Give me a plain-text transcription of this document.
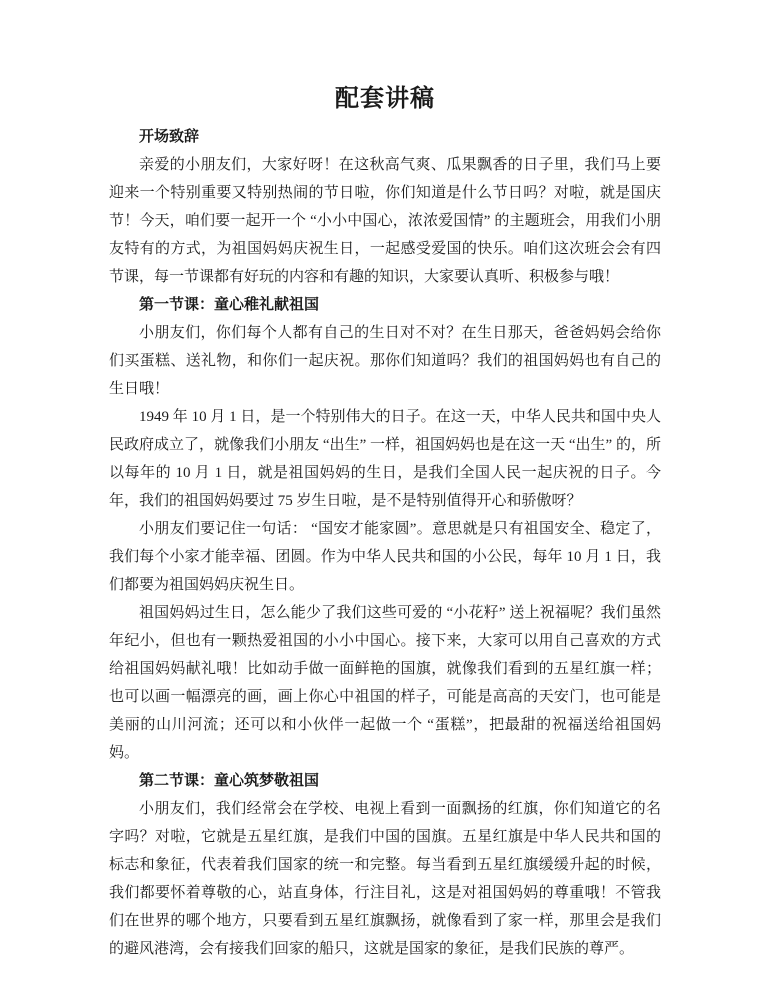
配套讲稿
开场致辞

亲爱的小朋友们，大家好呀！在这秋高气爽、瓜果飘香的日子里，我们马上要迎来一个特别重要又特别热闹的节日啦，你们知道是什么节日吗？对啦，就是国庆节！今天，咱们要一起开一个 “小小中国心，浓浓爱国情” 的主题班会，用我们小朋友特有的方式，为祖国妈妈庆祝生日，一起感受爱国的快乐。咱们这次班会会有四节课，每一节课都有好玩的内容和有趣的知识，大家要认真听、积极参与哦！

第一节课：童心稚礼献祖国

小朋友们，你们每个人都有自己的生日对不对？在生日那天，爸爸妈妈会给你们买蛋糕、送礼物，和你们一起庆祝。那你们知道吗？我们的祖国妈妈也有自己的生日哦！

1949 年 10 月 1 日，是一个特别伟大的日子。在这一天，中华人民共和国中央人民政府成立了，就像我们小朋友 “出生” 一样，祖国妈妈也是在这一天 “出生” 的，所以每年的 10 月 1 日，就是祖国妈妈的生日，是我们全国人民一起庆祝的日子。今年，我们的祖国妈妈要过 75 岁生日啦，是不是特别值得开心和骄傲呀？

小朋友们要记住一句话： “国安才能家圆”。意思就是只有祖国安全、稳定了，我们每个小家才能幸福、团圆。作为中华人民共和国的小公民，每年 10 月 1 日，我们都要为祖国妈妈庆祝生日。

祖国妈妈过生日，怎么能少了我们这些可爱的 “小花籽” 送上祝福呢？我们虽然年纪小，但也有一颗热爱祖国的小小中国心。接下来，大家可以用自己喜欢的方式给祖国妈妈献礼哦！比如动手做一面鲜艳的国旗，就像我们看到的五星红旗一样；也可以画一幅漂亮的画，画上你心中祖国的样子，可能是高高的天安门，也可能是美丽的山川河流；还可以和小伙伴一起做一个 “蛋糕”，把最甜的祝福送给祖国妈妈。

第二节课：童心筑梦敬祖国

小朋友们，我们经常会在学校、电视上看到一面飘扬的红旗，你们知道它的名字吗？对啦，它就是五星红旗，是我们中国的国旗。五星红旗是中华人民共和国的标志和象征，代表着我们国家的统一和完整。每当看到五星红旗缓缓升起的时候，我们都要怀着尊敬的心，站直身体，行注目礼，这是对祖国妈妈的尊重哦！不管我们在世界的哪个地方，只要看到五星红旗飘扬，就像看到了家一样，那里会是我们的避风港湾，会有接我们回家的船只，这就是国家的象征，是我们民族的尊严。
